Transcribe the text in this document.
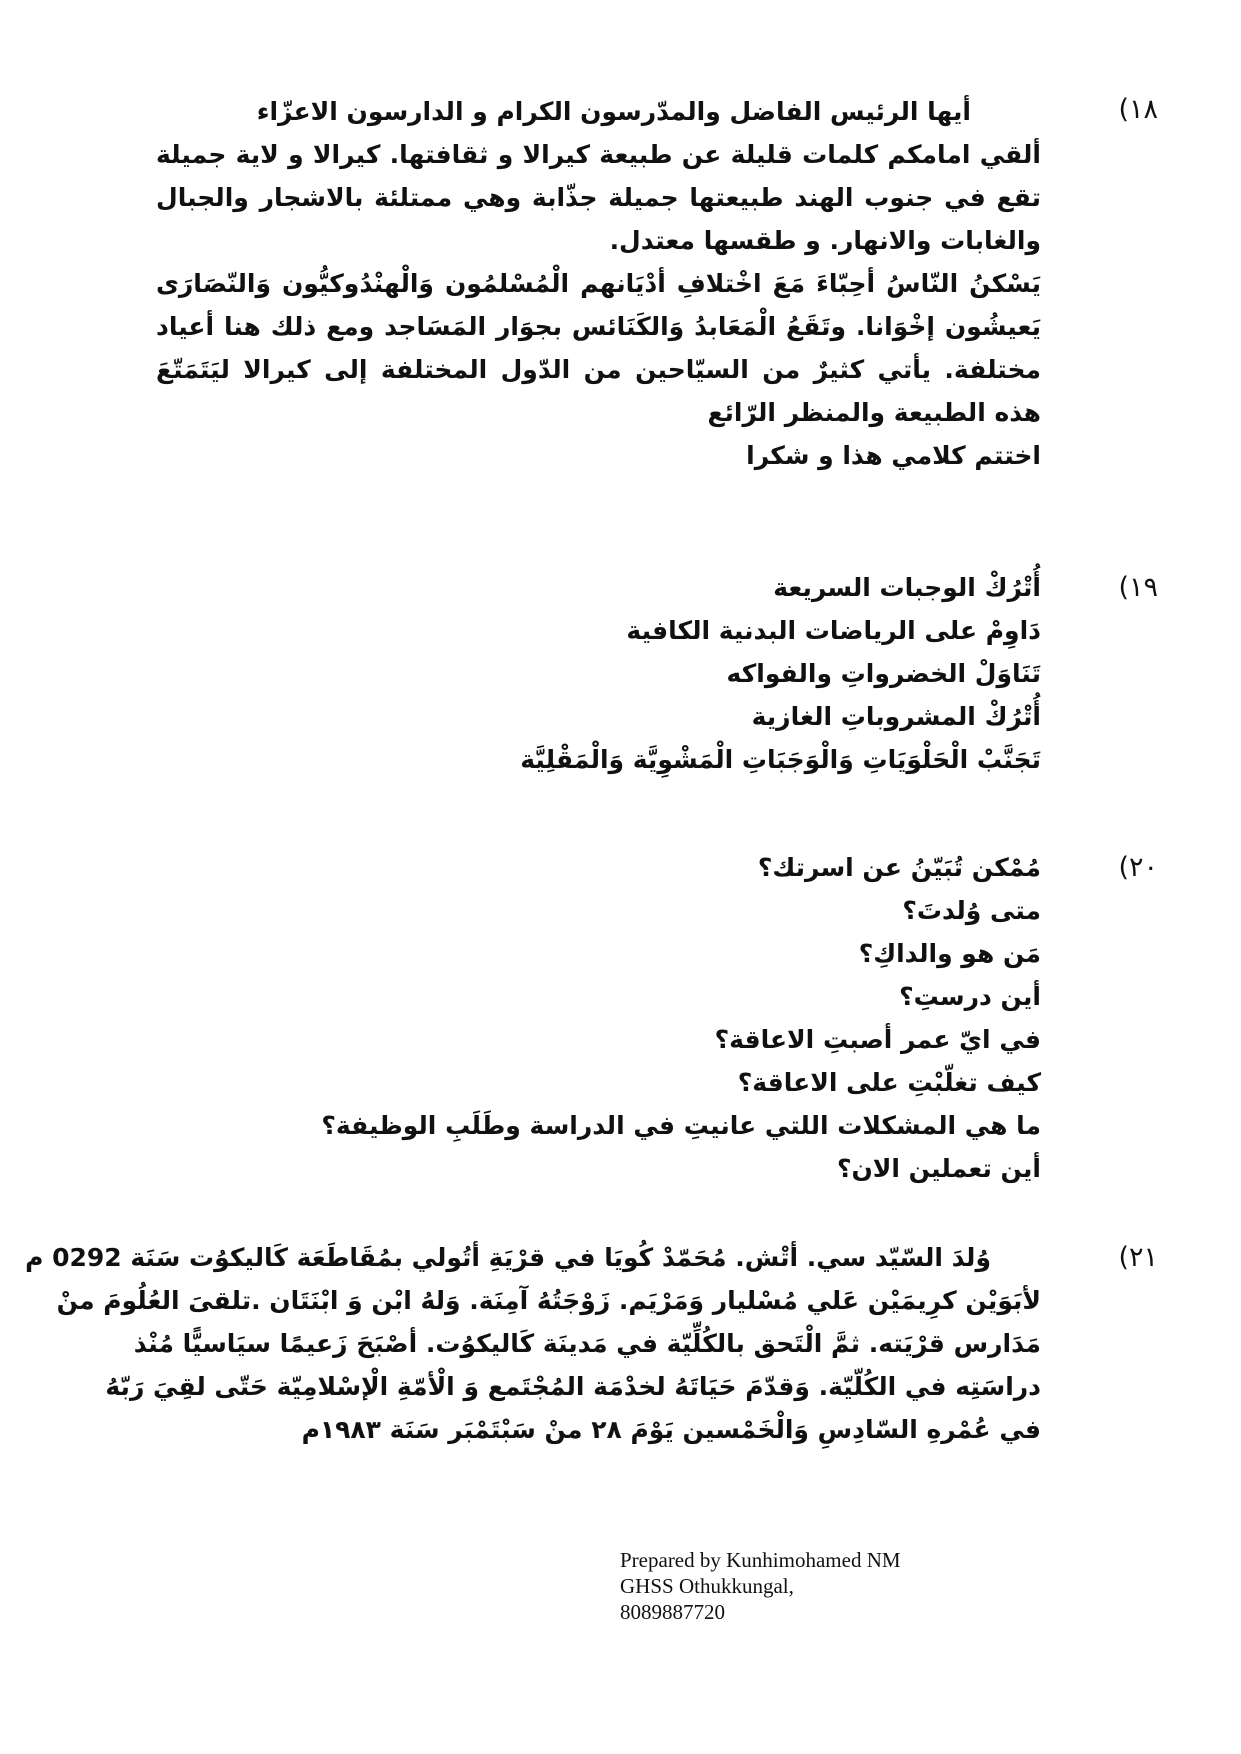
١٨)
أيها الرئيس الفاضل والمدّرسون الكرام و الدارسون الاعزّاء
ألقي امامكم كلمات قليلة عن طبيعة كيرالا و ثقافتها. كيرالا و لاية جميلة
تقع في جنوب الهند طبيعتها جميلة جذّابة وهي ممتلئة بالاشجار والجبال
والغابات والانهار. و طقسها معتدل.
يَسْكنُ النّاسُ أحِبّاءَ مَعَ اخْتلافِ أدْيَانهم الْمُسْلمُون وَالْهنْدُوكيُّون وَالنّصَارَى
يَعيشُون إخْوَانا. وتَقَعُ الْمَعَابدُ وَالكَنَائس بجوَار المَسَاجد ومع ذلك هنا أعياد
مختلفة. يأتي كثيرٌ من السيّاحين من الدّول المختلفة إلى كيرالا ليَتَمَتّعَ
هذه الطبيعة والمنظر الرّائع
اختتم كلامي هذا و شكرا
١٩)
أُتْرُكْ الوجبات السريعة
دَاوِمْ على الرياضات البدنية الكافية
تَنَاوَلْ الخضرواتِ والفواكه
أُتْرُكْ المشروباتِ الغازية
تَجَنَّبْ الْحَلْوَيَاتِ وَالْوَجَبَاتِ الْمَشْوِيَّة وَالْمَقْلِيَّة
٢٠)
مُمْكن تُبَيّنُ عن اسرتك؟
متى وُلدتَ؟
مَن هو والداكِ؟
أين درستِ؟
في ايّ عمر أصبتِ الاعاقة؟
كيف تغلّبْتِ على الاعاقة؟
ما هي المشكلات اللتي عانيتِ في الدراسة وطَلَبِ الوظيفة؟
أين تعملين الان؟
٢١)
وُلدَ السّيّد سي. أتْش. مُحَمّدْ كُويَا في قرْيَةِ أتُولي بمُقَاطَعَة كَاليكوُت سَنَة 0292 م
لأبَوَيْن كرِيمَيْن عَلي مُسْليار وَمَرْيَم. زَوْجَتُهُ آمِنَة. وَلهُ ابْن وَ ابْنَتَان .تلقىَ العُلُومَ منْ
مَدَارس قرْيَته. ثمَّ الْتَحق بالكُلِّيّة في مَدينَة كَاليكوُت. أصْبَحَ زَعيمًا سيَاسيًّا مُنْذ
دراسَتِه في الكُلّيّة. وَقدّمَ حَيَاتَهُ لخدْمَة المُجْتَمع وَ الْأمّةِ الْإسْلامِيّة حَتّى لقِيَ رَبّهُ
في عُمْرهِ السّادِسِ وَالْخَمْسين يَوْمَ ٢٨ منْ سَبْتَمْبَر سَنَة ١٩٨٣م
Prepared by Kunhimohamed NM
GHSS Othukkungal,
8089887720
